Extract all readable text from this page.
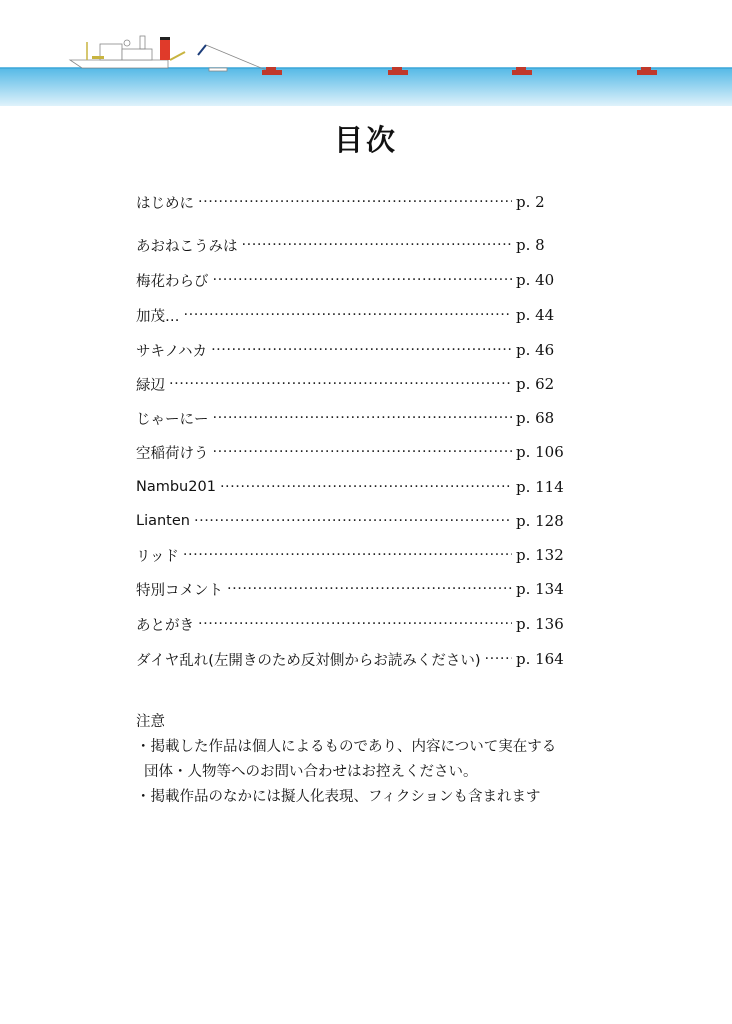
目次
はじめに ·····	p. 2
あおねこうみは ·····	p. 8
梅花わらび ·····	p. 40
加茂… ·····	p. 44
サキノハカ ·····	p. 46
緑辺 ·····	p. 62
じゃーにー ·····	p. 68
空稲荷けう ·····	p. 106
Nambu201 ·····	p. 114
Lianten ·····	p. 128
リッド ·····	p. 132
特別コメント ·····	p. 134
あとがき ·····	p. 136
ダイヤ乱れ(左開きのため反対側からお読みください) ····· p. 164
注意
・掲載した作品は個人によるものであり、内容について実在する
団体・人物等へのお問い合わせはお控えください。
・掲載作品のなかには擬人化表現、フィクションも含まれます
